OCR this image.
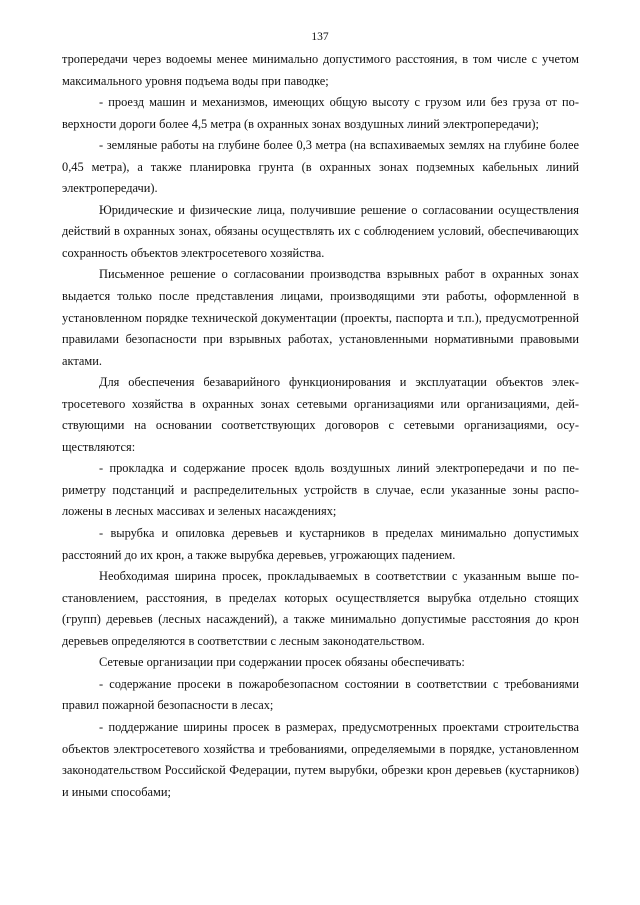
137

тропередачи через водоемы менее минимально допустимого расстояния, в том числе с учетом максимального уровня подъема воды при паводке;

- проезд машин и механизмов, имеющих общую высоту с грузом или без груза от поверхности дороги более 4,5 метра (в охранных зонах воздушных линий электропередачи);

- земляные работы на глубине более 0,3 метра (на вспахиваемых землях на глубине более 0,45 метра), а также планировка грунта (в охранных зонах подземных кабельных линий электропередачи).

Юридические и физические лица, получившие решение о согласовании осуществления действий в охранных зонах, обязаны осуществлять их с соблюдением условий, обеспечивающих сохранность объектов электросетевого хозяйства.

Письменное решение о согласовании производства взрывных работ в охранных зонах выдается только после представления лицами, производящими эти работы, оформленной в установленном порядке технической документации (проекты, паспорта и т.п.), предусмотренной правилами безопасности при взрывных работах, установленными нормативными правовыми актами.

Для обеспечения безаварийного функционирования и эксплуатации объектов электросетевого хозяйства в охранных зонах сетевыми организациями или организациями, действующими на основании соответствующих договоров с сетевыми организациями, осуществляются:

- прокладка и содержание просек вдоль воздушных линий электропередачи и по периметру подстанций и распределительных устройств в случае, если указанные зоны расположены в лесных массивах и зеленых насаждениях;

- вырубка и опиловка деревьев и кустарников в пределах минимально допустимых расстояний до их крон, а также вырубка деревьев, угрожающих падением.

Необходимая ширина просек, прокладываемых в соответствии с указанным выше постановлением, расстояния, в пределах которых осуществляется вырубка отдельно стоящих (групп) деревьев (лесных насаждений), а также минимально допустимые расстояния до крон деревьев определяются в соответствии с лесным законодательством.

Сетевые организации при содержании просек обязаны обеспечивать:

- содержание просеки в пожаробезопасном состоянии в соответствии с требованиями правил пожарной безопасности в лесах;

- поддержание ширины просек в размерах, предусмотренных проектами строительства объектов электросетевого хозяйства и требованиями, определяемыми в порядке, установленном законодательством Российской Федерации, путем вырубки, обрезки крон деревьев (кустарников) и иными способами;
